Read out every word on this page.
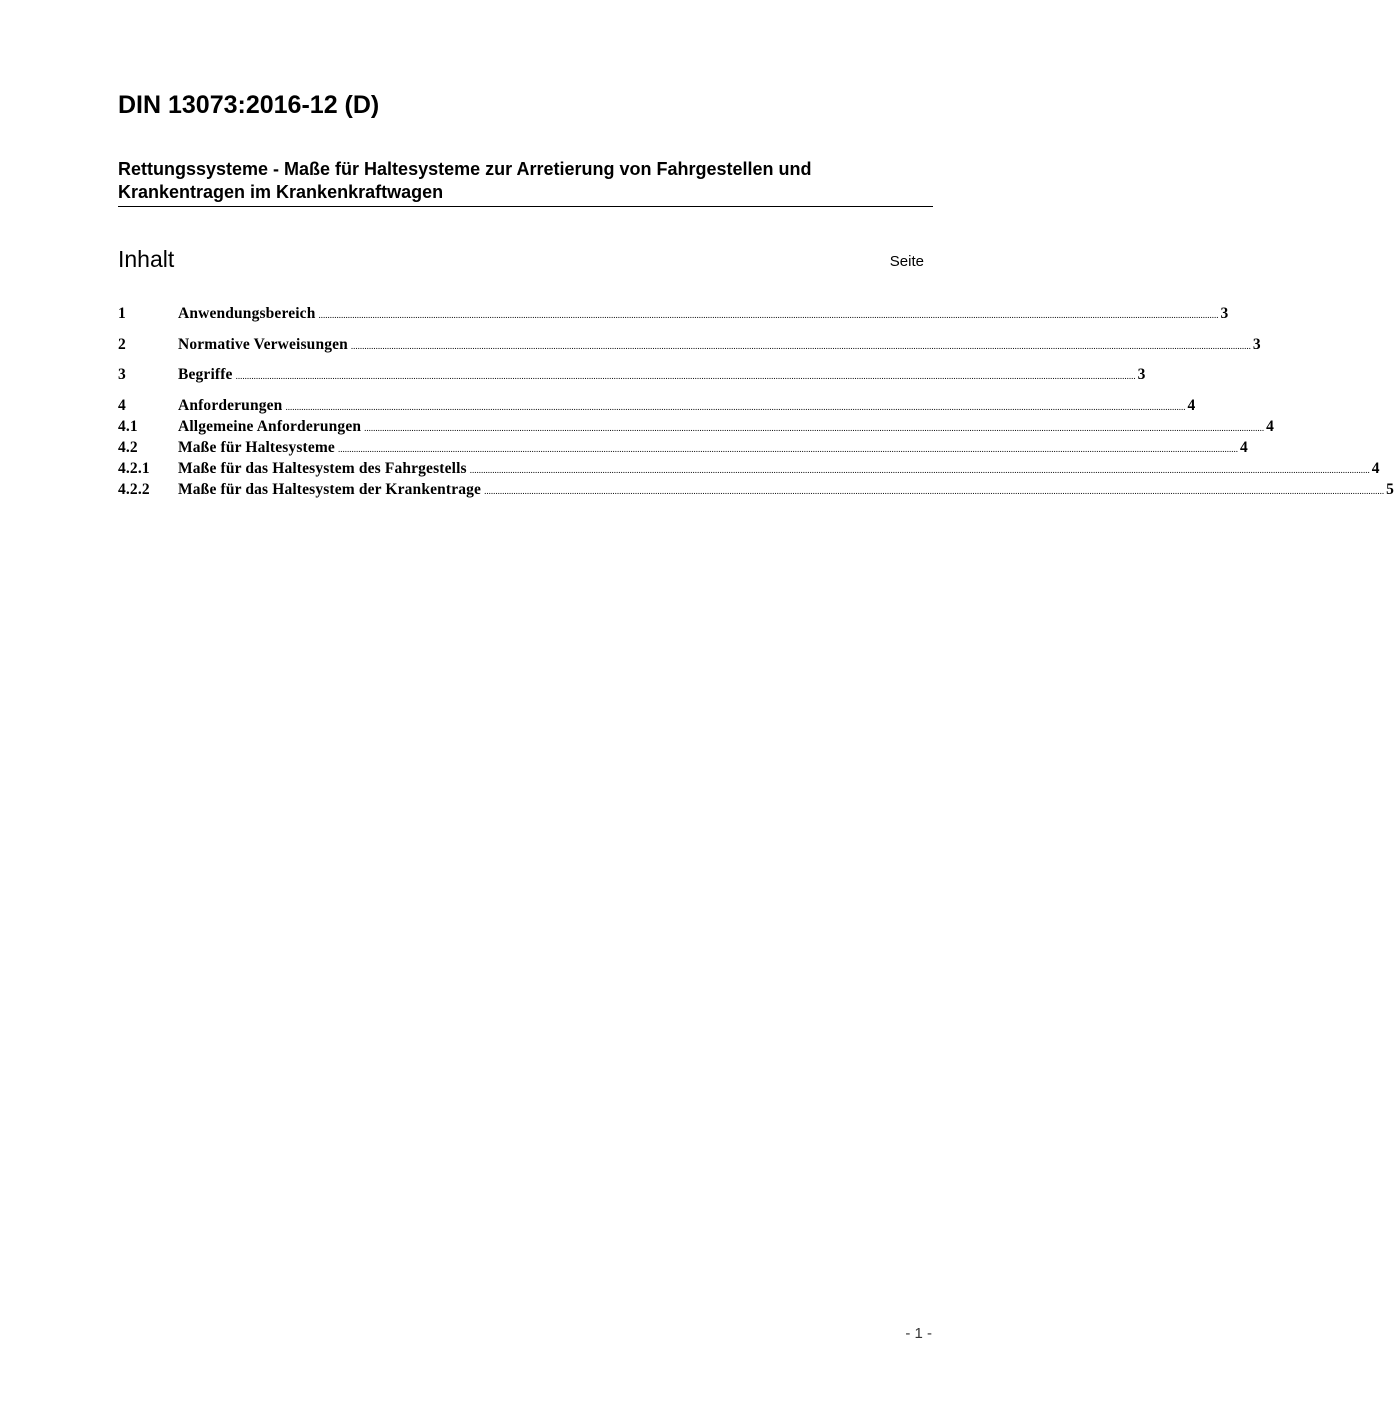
DIN 13073:2016-12 (D)
Rettungssysteme - Maße für Haltesysteme zur Arretierung von Fahrgestellen und
Krankentragen im Krankenkraftwagen
Inhalt	Seite
1	Anwendungsbereich ................................................................................................................................................................................................................................................................................................................................................................................................................ 3
2	Normative Verweisungen ................................................................................................................................................................................................................................................................................................................................................................................................................ 3
3	Begriffe ................................................................................................................................................................................................................................................................................................................................................................................................................ 3
4	Anforderungen ................................................................................................................................................................................................................................................................................................................................................................................................................ 4
4.1	Allgemeine Anforderungen ................................................................................................................................................................................................................................................................................................................................................................................................................ 4
4.2	Maße für Haltesysteme ................................................................................................................................................................................................................................................................................................................................................................................................................ 4
4.2.1	Maße für das Haltesystem des Fahrgestells ................................................................................................................................................................................................................................................................................................................................................................................................................ 4
4.2.2	Maße für das Haltesystem der Krankentrage ................................................................................................................................................................................................................................................................................................................................................................................................................ 5
- 1 -
